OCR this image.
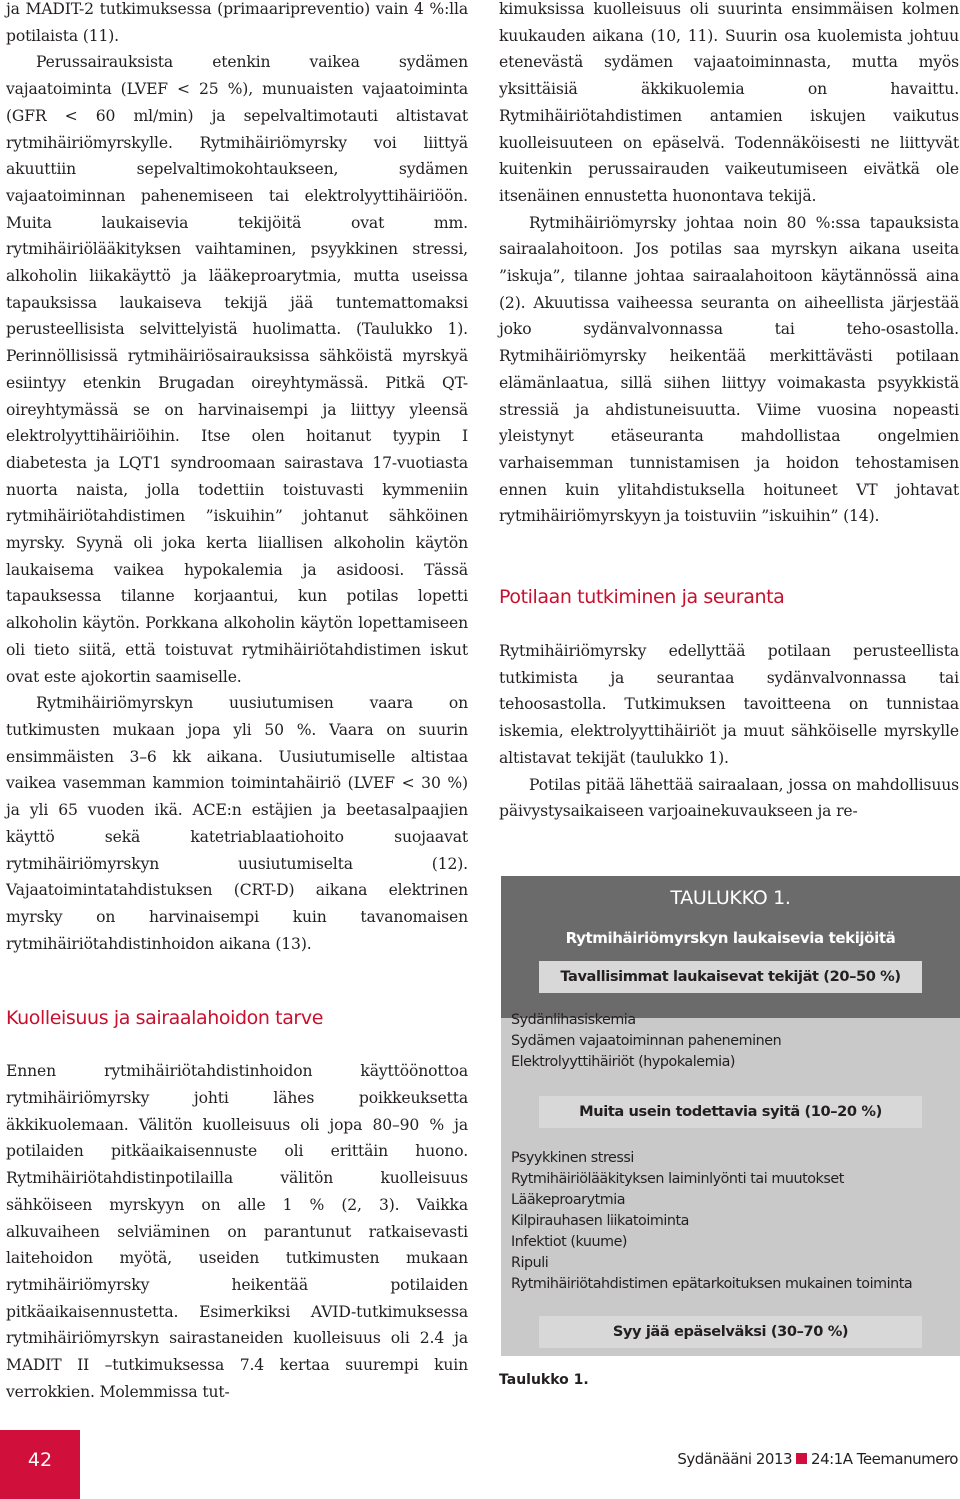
ja MADIT-2 tutkimuksessa (primaaripreventio) vain 4 %:lla potilaista (11).

Perussairauksista etenkin vaikea sydämen vajaatoiminta (LVEF < 25 %), munuaisten vajaatoiminta (GFR < 60 ml/min) ja sepelvaltimotauti altistavat rytmihäiriömyrskylle. Rytmihäiriömyrsky voi liittyä akuuttiin sepelvaltimokohtaukseen, sydämen vajaatoiminnan pahenemiseen tai elektrolyyttihäiriöön. Muita laukaisevia tekijöitä ovat mm. rytmihäiriölääkityksen vaihtaminen, psyykkinen stressi, alkoholin liikakäyttö ja lääkeproarytmia, mutta useissa tapauksissa laukaiseva tekijä jää tuntemattomaksi perusteellisista selvittelyistä huolimatta. (Taulukko 1). Perinnöllisissä rytmihäiriösairauksissa sähköistä myrskyä esiintyy etenkin Brugadan oireyhtymässä. Pitkä QT-oireyhtymässä se on harvinaisempi ja liittyy yleensä elektrolyyttihäiriöihin. Itse olen hoitanut tyypin I diabetesta ja LQT1 syndroomaan sairastava 17-vuotiasta nuorta naista, jolla todettiin toistuvasti kymmeniin rytmihäiriötahdistimen ”iskuihin” johtanut sähköinen myrsky. Syynä oli joka kerta liiallisen alkoholin käytön laukaisema vaikea hypokalemia ja asidoosi. Tässä tapauksessa tilanne korjaantui, kun potilas lopetti alkoholin käytön. Porkkana alkoholin käytön lopettamiseen oli tieto siitä, että toistuvat rytmihäiriötahdistimen iskut ovat este ajokortin saamiselle.

Rytmihäiriömyrskyn uusiutumisen vaara on tutkimusten mukaan jopa yli 50 %. Vaara on suurin ensimmäisten 3–6 kk aikana. Uusiutumiselle altistaa vaikea vasemman kammion toimintahäiriö (LVEF < 30 %) ja yli 65 vuoden ikä. ACE:n estäjien ja beetasalpaajien käyttö sekä katetriablaatiohoito suojaavat rytmihäiriömyrskyn uusiutumiselta (12). Vajaatoimintatahdistuksen (CRT-D) aikana elektrinen myrsky on harvinaisempi kuin tavanomaisen rytmihäiriötahdistinhoidon aikana (13).

Kuolleisuus ja sairaalahoidon tarve

Ennen rytmihäiriötahdistinhoidon käyttöönottoa rytmihäiriömyrsky johti lähes poikkeuksetta äkkikuolemaan. Välitön kuolleisuus oli jopa 80–90 % ja potilaiden pitkäaikaisennuste oli erittäin huono. Rytmihäiriötahdistinpotilailla välitön kuolleisuus sähköiseen myrskyyn on alle 1 % (2, 3). Vaikka alkuvaiheen selviäminen on parantunut ratkaisevasti laitehoidon myötä, useiden tutkimusten mukaan rytmihäiriömyrsky heikentää potilaiden pitkäaikaisennustetta. Esimerkiksi AVID-tutkimuksessa rytmihäiriömyrskyn sairastaneiden kuolleisuus oli 2.4 ja MADIT II –tutkimuksessa 7.4 kertaa suurempi kuin verrokkien. Molemmissa tut-

kimuksissa kuolleisuus oli suurinta ensimmäisen kolmen kuukauden aikana (10, 11). Suurin osa kuolemista johtuu etenevästä sydämen vajaatoiminnasta, mutta myös yksittäisiä äkkikuolemia on havaittu. Rytmihäiriötahdistimen antamien iskujen vaikutus kuolleisuuteen on epäselvä. Todennäköisesti ne liittyvät kuitenkin perussairauden vaikeutumiseen eivätkä ole itsenäinen ennustetta huonontava tekijä.

Rytmihäiriömyrsky johtaa noin 80 %:ssa tapauksista sairaalahoitoon. Jos potilas saa myrskyn aikana useita ”iskuja”, tilanne johtaa sairaalahoitoon käytännössä aina (2). Akuutissa vaiheessa seuranta on aiheellista järjestää joko sydänvalvonnassa tai teho-osastolla. Rytmihäiriömyrsky heikentää merkittävästi potilaan elämänlaatua, sillä siihen liittyy voimakasta psyykkistä stressiä ja ahdistuneisuutta. Viime vuosina nopeasti yleistynyt etäseuranta mahdollistaa ongelmien varhaisemman tunnistamisen ja hoidon tehostamisen ennen kuin ylitahdistuksella hoituneet VT johtavat rytmihäiriömyrskyyn ja toistuviin ”iskuihin” (14).

Potilaan tutkiminen ja seuranta

Rytmihäiriömyrsky edellyttää potilaan perusteellista tutkimista ja seurantaa sydänvalvonnassa tai tehoosastolla. Tutkimuksen tavoitteena on tunnistaa iskemia, elektrolyyttihäiriöt ja muut sähköiselle myrskylle altistavat tekijät (taulukko 1).

Potilas pitää lähettää sairaalaan, jossa on mahdollisuus päivystysaikaiseen varjoainekuvaukseen ja re-

TAULUKKO 1.
Rytmihäiriömyrskyn laukaisevia tekijöitä
Tavallisimmat laukaisevat tekijät (20–50 %)
Sydänlihasiskemia
Sydämen vajaatoiminnan paheneminen
Elektrolyyttihäiriöt (hypokalemia)
Muita usein todettavia syitä (10–20 %)
Psyykkinen stressi
Rytmihäiriölääkityksen laiminlyönti tai muutokset
Lääkeproarytmia
Kilpirauhasen liikatoiminta
Infektiot (kuume)
Ripuli
Rytmihäiriötahdistimen epätarkoituksen mukainen toiminta
Syy jää epäselväksi (30–70 %)
Taulukko 1.
42	Sydänääni 2013 24:1A Teemanumero
